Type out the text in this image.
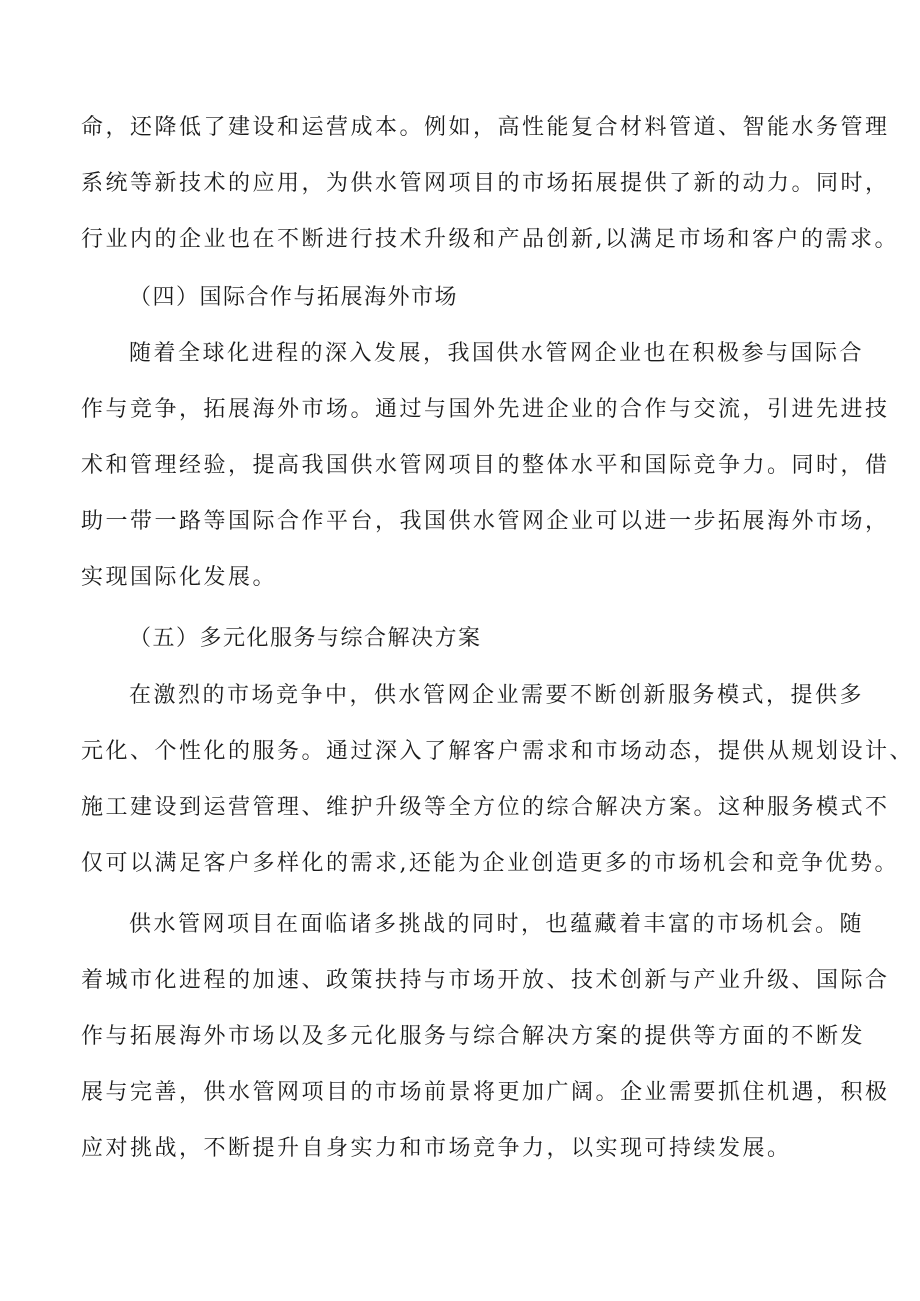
命，还降低了建设和运营成本。例如，高性能复合材料管道、智能水务管理
系统等新技术的应用，为供水管网项目的市场拓展提供了新的动力。同时，
行业内的企业也在不断进行技术升级和产品创新,以满足市场和客户的需求。
（四）国际合作与拓展海外市场
随着全球化进程的深入发展，我国供水管网企业也在积极参与国际合
作与竞争，拓展海外市场。通过与国外先进企业的合作与交流，引进先进技
术和管理经验，提高我国供水管网项目的整体水平和国际竞争力。同时，借
助一带一路等国际合作平台，我国供水管网企业可以进一步拓展海外市场，
实现国际化发展。
（五）多元化服务与综合解决方案
在激烈的市场竞争中，供水管网企业需要不断创新服务模式，提供多
元化、个性化的服务。通过深入了解客户需求和市场动态，提供从规划设计、
施工建设到运营管理、维护升级等全方位的综合解决方案。这种服务模式不
仅可以满足客户多样化的需求,还能为企业创造更多的市场机会和竞争优势。
供水管网项目在面临诸多挑战的同时，也蕴藏着丰富的市场机会。随
着城市化进程的加速、政策扶持与市场开放、技术创新与产业升级、国际合
作与拓展海外市场以及多元化服务与综合解决方案的提供等方面的不断发
展与完善，供水管网项目的市场前景将更加广阔。企业需要抓住机遇，积极
应对挑战，不断提升自身实力和市场竞争力，以实现可持续发展。
